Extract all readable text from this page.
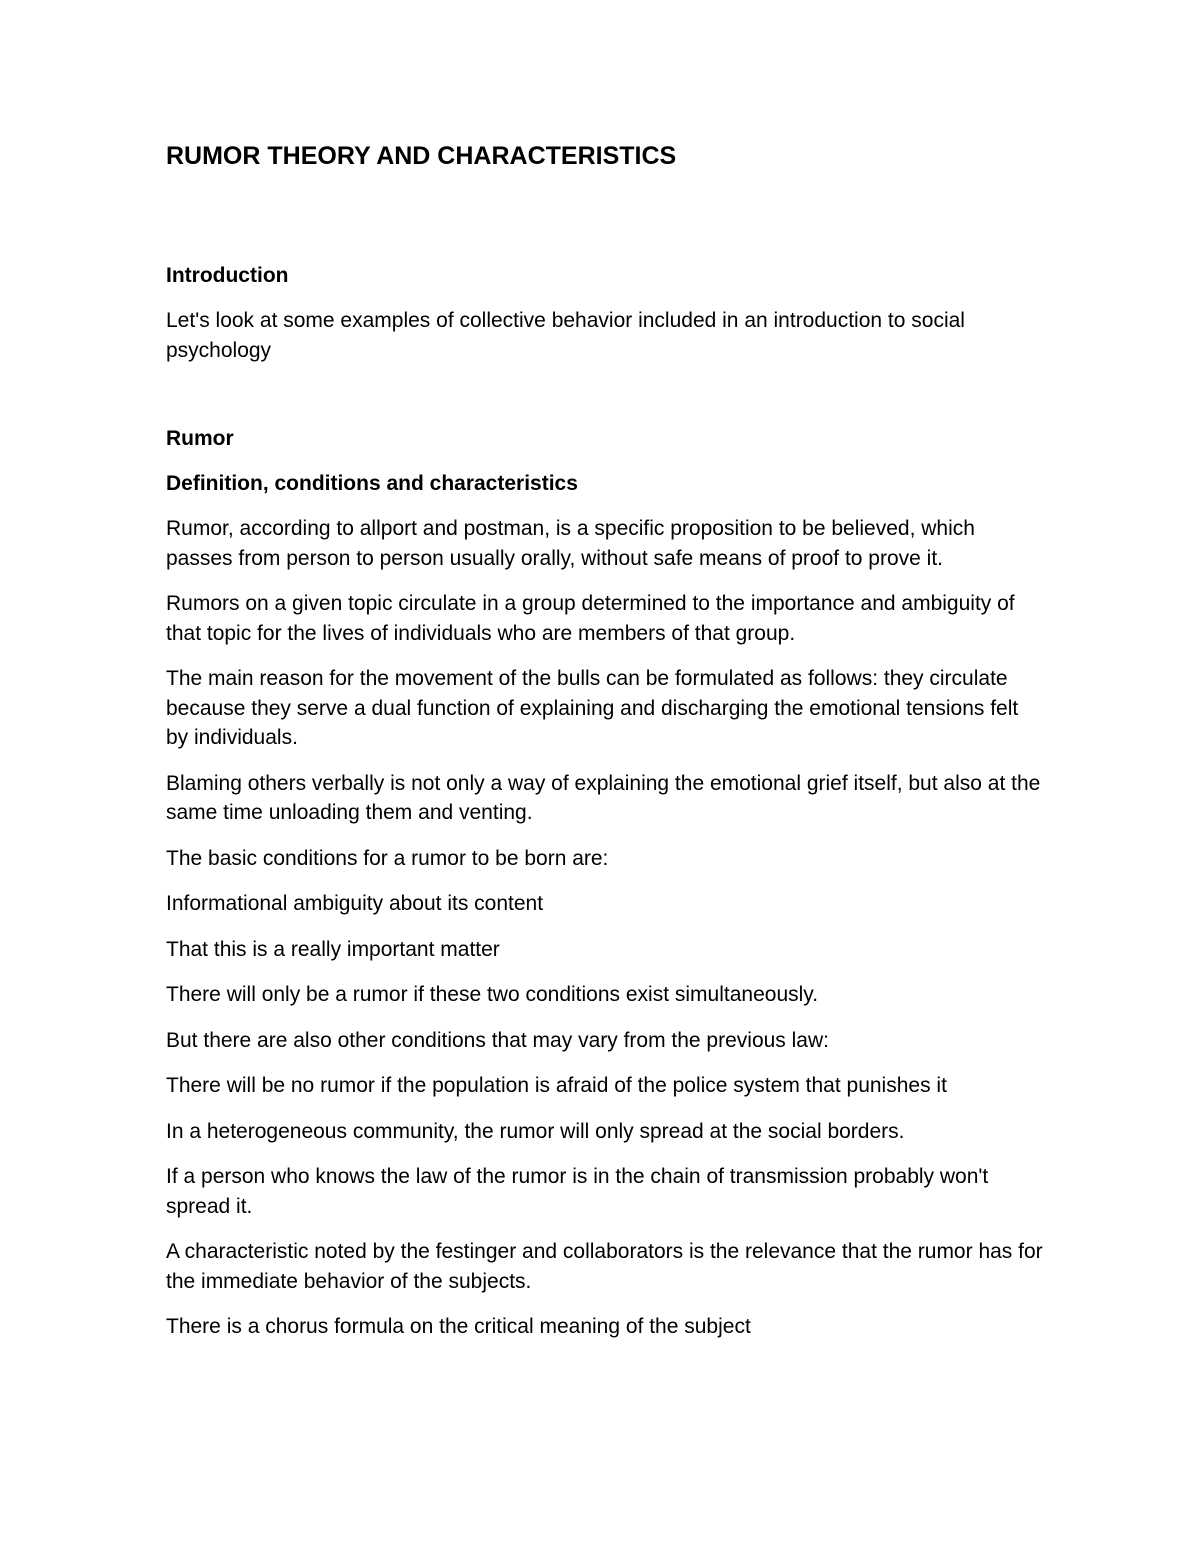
RUMOR THEORY AND CHARACTERISTICS
Introduction

Let's look at some examples of collective behavior included in an introduction to social psychology

Rumor
Definition, conditions and characteristics

Rumor, according to allport and postman, is a specific proposition to be believed, which passes from person to person usually orally, without safe means of proof to prove it.

Rumors on a given topic circulate in a group determined to the importance and ambiguity of that topic for the lives of individuals who are members of that group.

The main reason for the movement of the bulls can be formulated as follows: they circulate because they serve a dual function of explaining and discharging the emotional tensions felt by individuals.

Blaming others verbally is not only a way of explaining the emotional grief itself, but also at the same time unloading them and venting.

The basic conditions for a rumor to be born are:

Informational ambiguity about its content

That this is a really important matter

There will only be a rumor if these two conditions exist simultaneously.

But there are also other conditions that may vary from the previous law:

There will be no rumor if the population is afraid of the police system that punishes it

In a heterogeneous community, the rumor will only spread at the social borders.

If a person who knows the law of the rumor is in the chain of transmission probably won't spread it.

A characteristic noted by the festinger and collaborators is the relevance that the rumor has for the immediate behavior of the subjects.

There is a chorus formula on the critical meaning of the subject
